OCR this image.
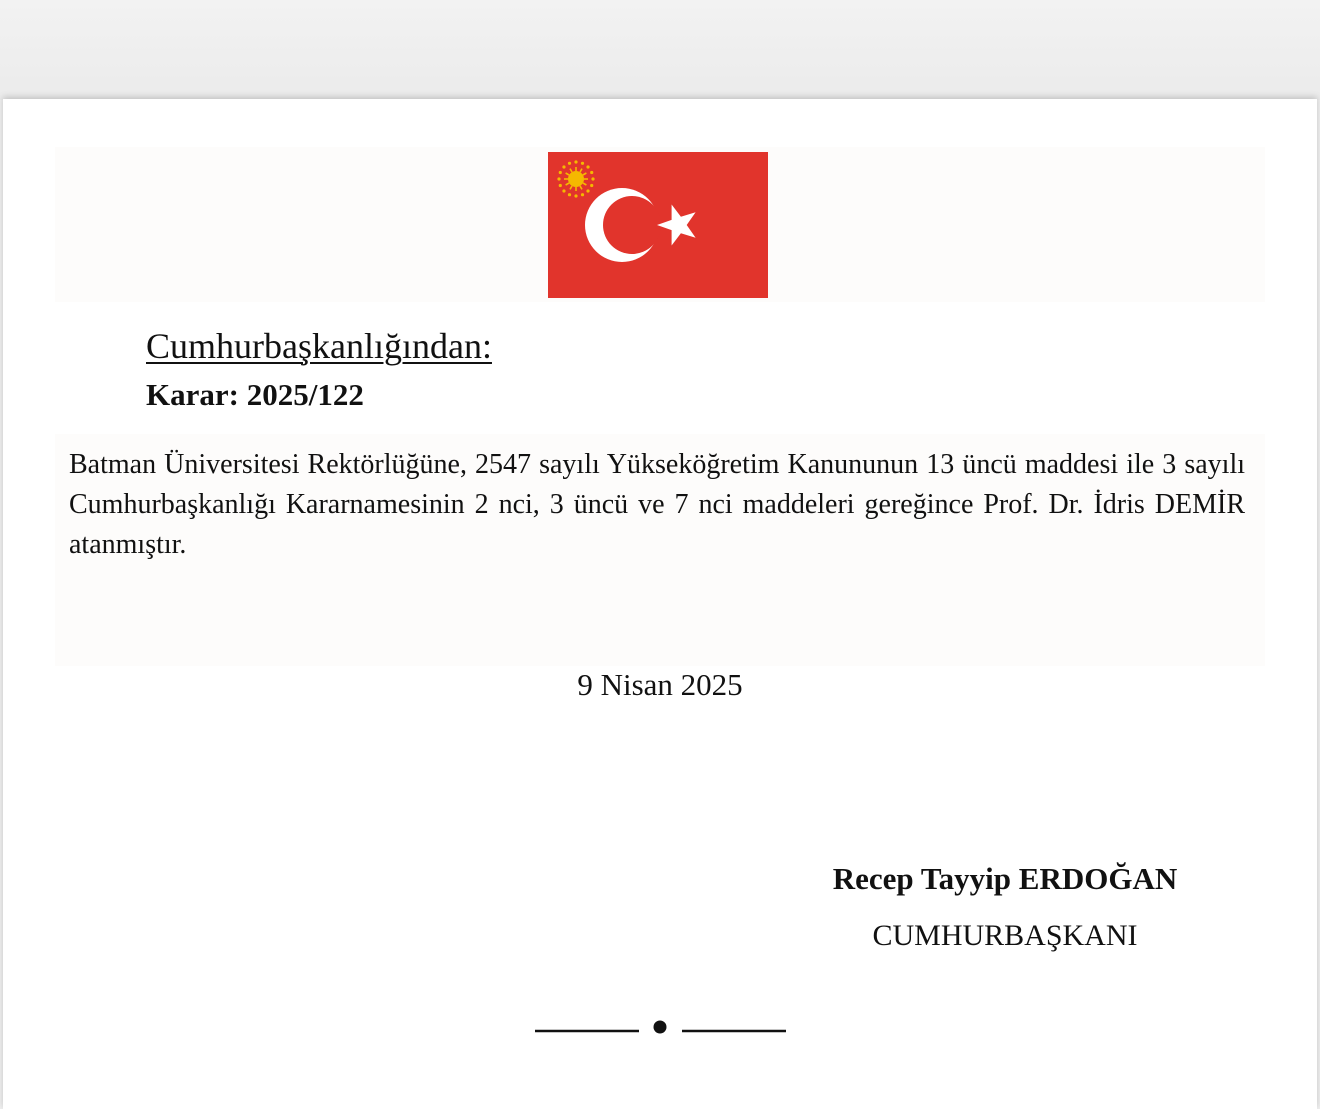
Cumhurbaşkanlığından:
Karar: 2025/122
Batman Üniversitesi Rektörlüğüne, 2547 sayılı Yükseköğretim Kanununun 13 üncü maddesi ile 3 sayılı Cumhurbaşkanlığı Kararnamesinin 2 nci, 3 üncü ve 7 nci maddeleri gereğince Prof. Dr. İdris DEMİR atanmıştır.
9 Nisan 2025
Recep Tayyip ERDOĞAN
CUMHURBAŞKANI
